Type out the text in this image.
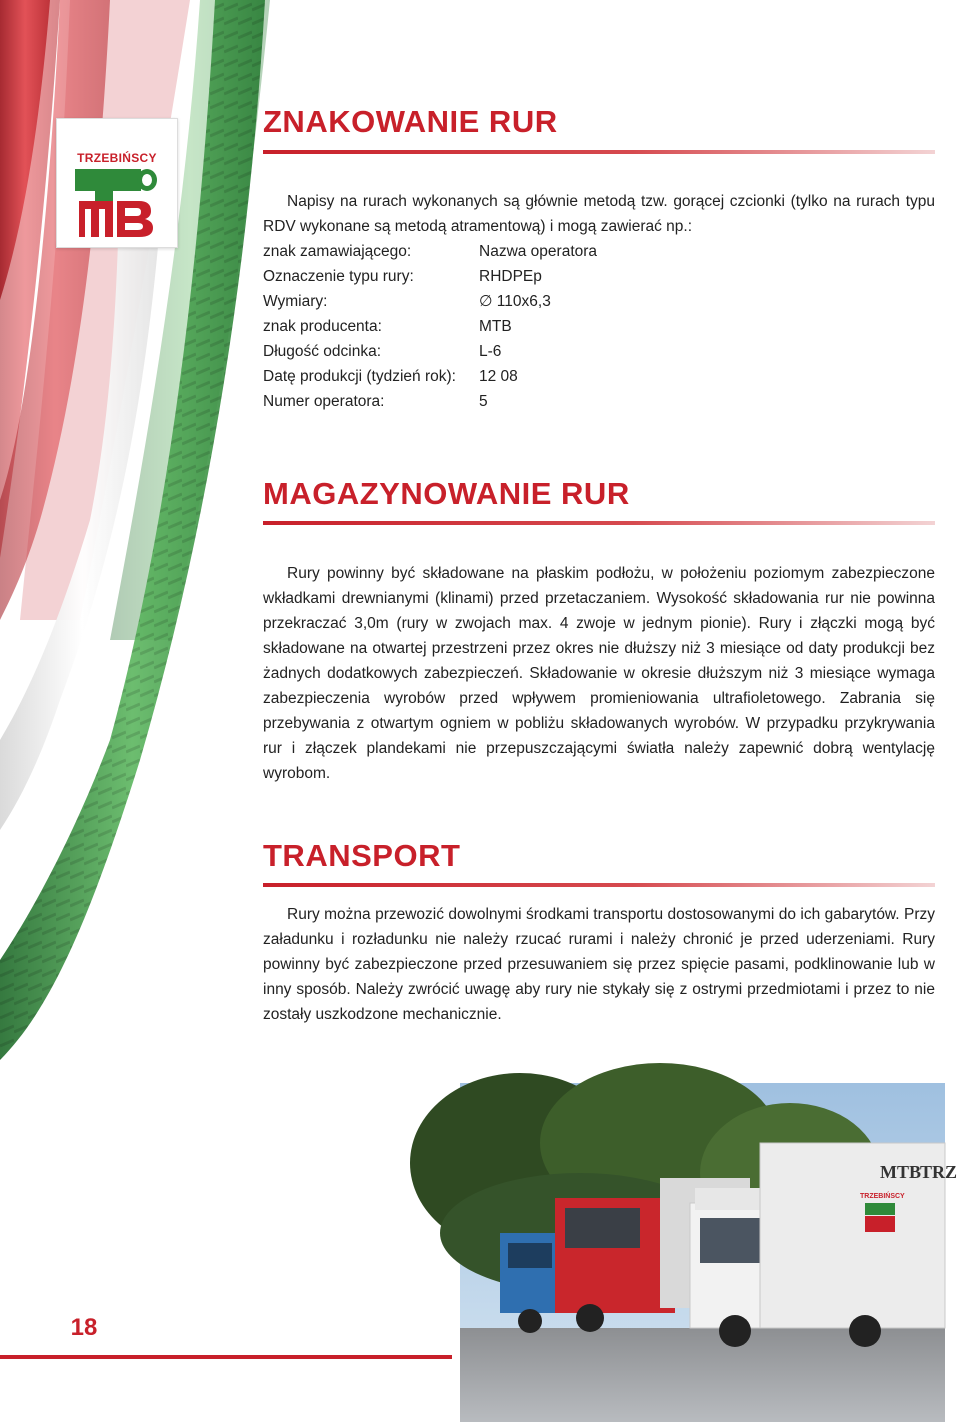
TRZEBIŃSCY
ZNAKOWANIE RUR

Napisy na rurach wykonanych są głównie metodą tzw. gorącej czcionki (tylko na rurach typu RDV wykonane są metodą atramentową) i mogą zawierać np.:

znak zamawiającego:	Nazwa operatora
Oznaczenie typu rury:	RHDPEp
Wymiary:	∅ 110x6,3
znak producenta:	MTB
Długość odcinka:	L-6
Datę produkcji (tydzień rok):	12 08
Numer operatora:	5
MAGAZYNOWANIE RUR

Rury powinny być składowane na płaskim podłożu, w położeniu poziomym zabezpieczone wkładkami drewnianymi (klinami) przed przetaczaniem. Wysokość składowania rur nie powinna przekraczać 3,0m (rury w zwojach max. 4 zwoje w jednym pionie). Rury i złączki mogą być składowane na otwartej przestrzeni przez okres nie dłuższy niż 3 miesiące od daty produkcji bez żadnych dodatkowych zabezpieczeń. Składowanie w okresie dłuższym niż 3 miesiące wymaga zabezpieczenia wyrobów przed wpływem promieniowania ultrafioletowego. Zabrania się przebywania z otwartym ogniem w pobliżu składowanych wyrobów. W przypadku przykrywania rur i złączek plandekami nie przepuszczającymi światła należy zapewnić dobrą wentylację wyrobom.

TRANSPORT

Rury można przewozić dowolnymi środkami transportu dostosowanymi do ich gabarytów. Przy załadunku i rozładunku nie należy rzucać rurami i należy chronić je przed uderzeniami. Rury powinny być zabezpieczone przed przesuwaniem się przez spięcie pasami, podklinowanie lub w inny sposób. Należy zwrócić uwagę aby rury nie stykały się z ostrymi przedmiotami i przez to nie zostały uszkodzone mechanicznie.

MTB
TRZ
TRZEBIŃSCY
18
